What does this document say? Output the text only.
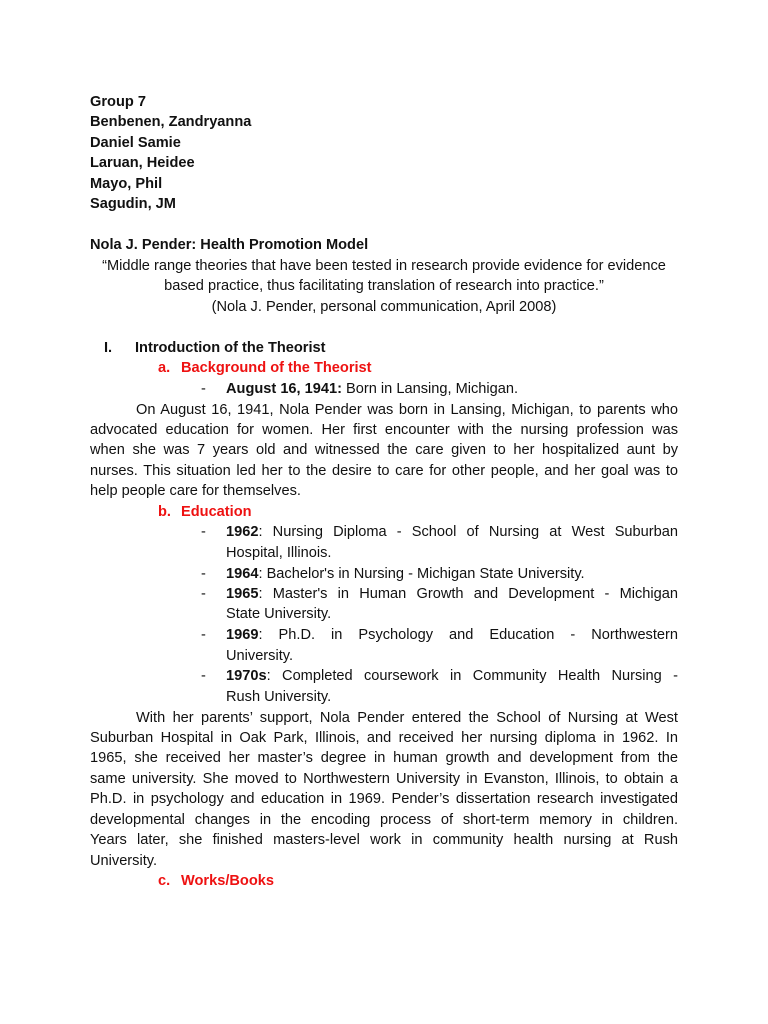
Group 7
Benbenen, Zandryanna
Daniel Samie
Laruan, Heidee
Mayo, Phil
Sagudin, JM
Nola J. Pender: Health Promotion Model
“Middle range theories that have been tested in research provide evidence for evidence
based practice, thus facilitating translation of research into practice.”
(Nola J. Pender, personal communication, April 2008)
I. Introduction of the Theorist
a. Background of the Theorist
- August 16, 1941: Born in Lansing, Michigan.
On August 16, 1941, Nola Pender was born in Lansing, Michigan, to parents who
advocated education for women. Her first encounter with the nursing profession was
when she was 7 years old and witnessed the care given to her hospitalized aunt by
nurses. This situation led her to the desire to care for other people, and her goal was to
help people care for themselves.
b. Education
- 1962: Nursing Diploma - School of Nursing at West Suburban
Hospital, Illinois.
- 1964: Bachelor's in Nursing - Michigan State University.
- 1965: Master's in Human Growth and Development - Michigan
State University.
- 1969: Ph.D. in Psychology and Education - Northwestern
University.
- 1970s: Completed coursework in Community Health Nursing -
Rush University.
With her parents’ support, Nola Pender entered the School of Nursing at West
Suburban Hospital in Oak Park, Illinois, and received her nursing diploma in 1962. In
1965, she received her master’s degree in human growth and development from the
same university. She moved to Northwestern University in Evanston, Illinois, to obtain a
Ph.D. in psychology and education in 1969. Pender’s dissertation research investigated
developmental changes in the encoding process of short-term memory in children.
Years later, she finished masters-level work in community health nursing at Rush
University.
c. Works/Books
